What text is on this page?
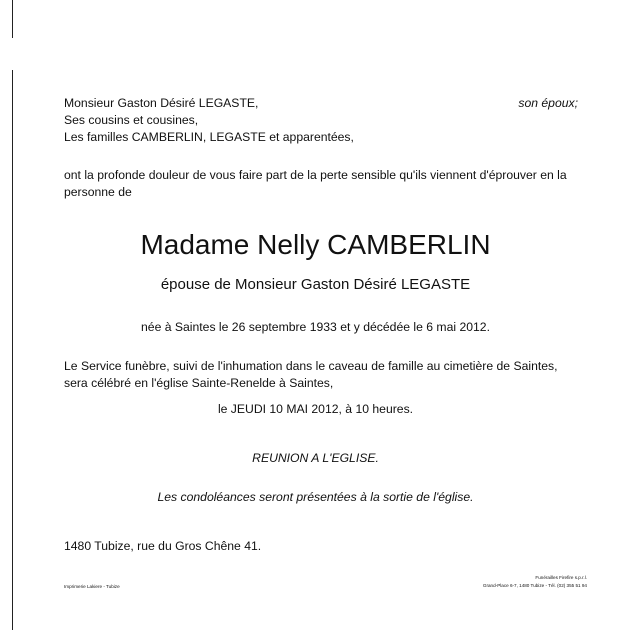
Monsieur Gaston Désiré LEGASTE,	son époux;
Ses cousins et cousines,
Les familles CAMBERLIN, LEGASTE et apparentées,
ont la profonde douleur de vous faire part de la perte sensible qu'ils viennent d'éprouver en la
personne de
Madame Nelly CAMBERLIN
épouse de Monsieur Gaston Désiré LEGASTE
née à Saintes le 26 septembre 1933 et y décédée le 6 mai 2012.
Le Service funèbre, suivi de l'inhumation dans le caveau de famille au cimetière de Saintes,
sera célébré en l'église Sainte-Renelde à Saintes,
le JEUDI 10 MAI 2012, à 10 heures.
REUNION A L'EGLISE.
Les condoléances seront présentées à la sortie de l'église.
1480 Tubize, rue du Gros Chêne 41.
Imprimerie Lakiere - Tubize
Funérailles Firefire s.p.r.l.
Grand-Place 6-7, 1480 Tubize - Tél. (02) 355 51 94
